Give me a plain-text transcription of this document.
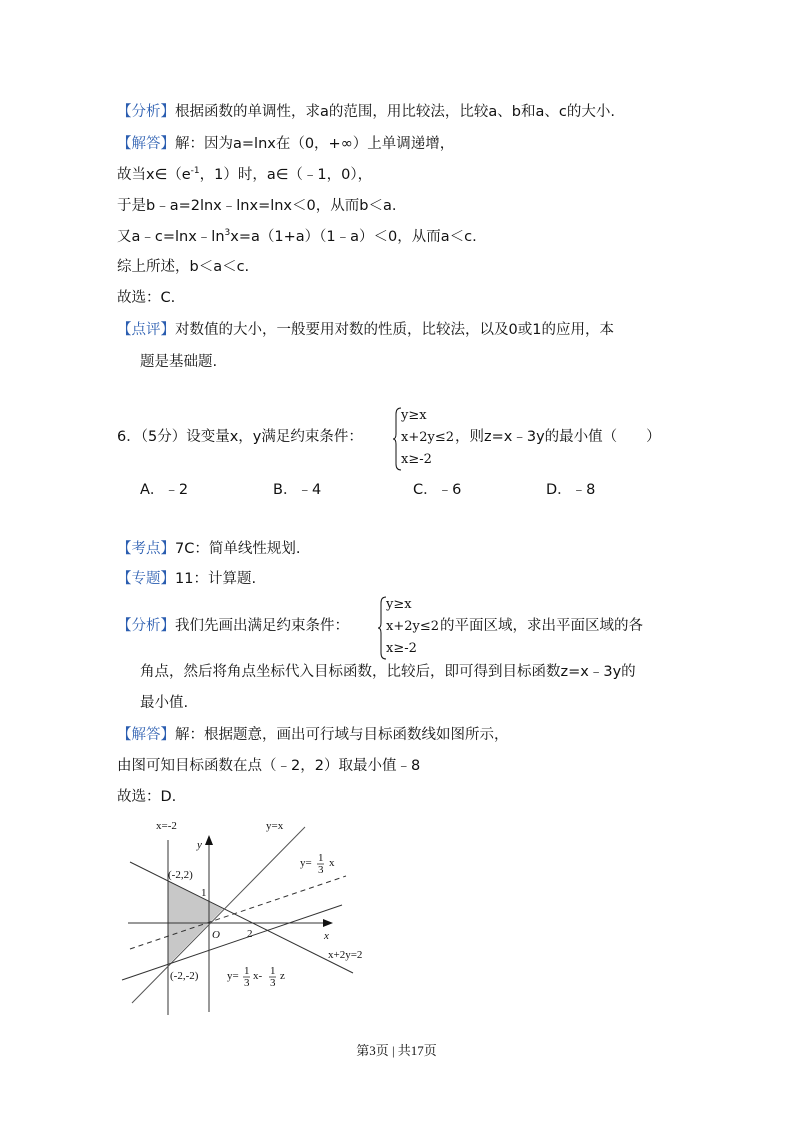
【分析】根据函数的单调性，求a的范围，用比较法，比较a、b和a、c的大小.
【解答】解：因为a=lnx在（0，+∞）上单调递增，
故当$x\in(e^{-1}$，1）时，a∈（﹣1，0），
于是b﹣a=2lnx﹣lnx=lnx＜0，从而b＜a.
又$a﹣c=\ln x﹣\ln^3x=a(1+a)(1﹣a)<0$，从而a＜c.
综上所述，b＜a＜c.
故选：C.
【点评】对数值的大小，一般要用对数的性质，比较法，以及0或1的应用，本
题是基础题.
6．（5分）设变量x，y满足约束条件：
y≥x
x+2y≤2
x≥-2
，则z=x﹣3y的最小值（　　）
A．﹣2	B．﹣4	C．﹣6	D．﹣8
【考点】7C：简单线性规划.
【专题】11：计算题.
【分析】我们先画出满足约束条件：
y≥x
x+2y≤2
x≥-2
的平面区域，求出平面区域的各
角点，然后将角点坐标代入目标函数，比较后，即可得到目标函数z=x﹣3y的
最小值.
【解答】解：根据题意，画出可行域与目标函数线如图所示，
由图可知目标函数在点（﹣2，2）取最小值﹣8
故选：D.
x=-2	y=x
y
(-2,2)
1
y= 1
3
x
O 2	x
x+2y=2
(-2,-2)	y= 1
3
x- 1
3
z
第3页 | 共17页
